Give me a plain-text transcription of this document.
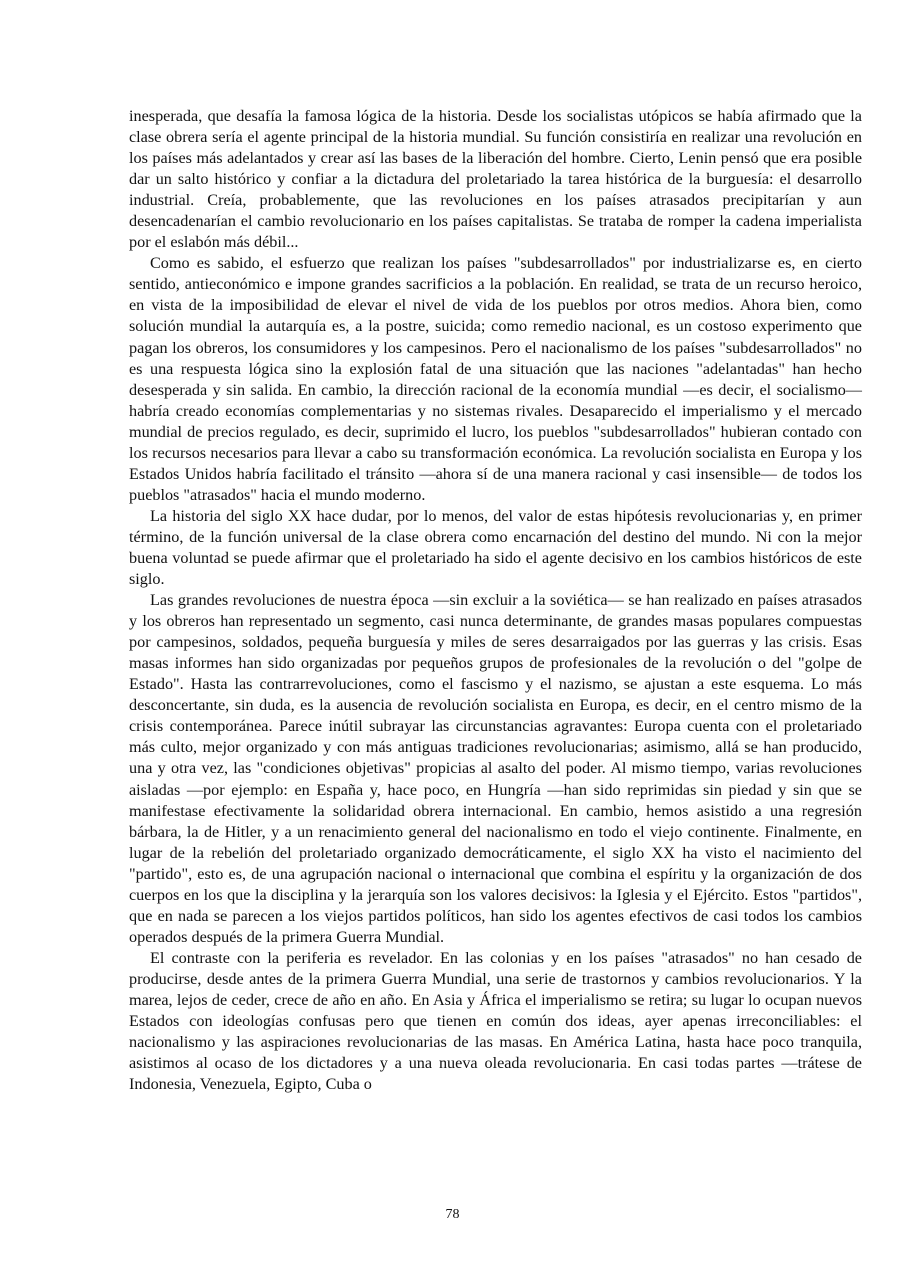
inesperada, que desafía la famosa lógica de la historia. Desde los socialistas utópicos se había afirmado que la clase obrera sería el agente principal de la historia mundial. Su función consistiría en realizar una revolución en los países más adelantados y crear así las bases de la liberación del hombre. Cierto, Lenin pensó que era posible dar un salto histórico y confiar a la dictadura del proletariado la tarea histórica de la burguesía: el desarrollo industrial. Creía, probablemente, que las revoluciones en los países atrasados precipitarían y aun desencadenarían el cambio revolucionario en los países capitalistas. Se trataba de romper la cadena imperialista por el eslabón más débil...

Como es sabido, el esfuerzo que realizan los países "subdesarrollados" por industrializarse es, en cierto sentido, antieconómico e impone grandes sacrificios a la población. En realidad, se trata de un recurso heroico, en vista de la imposibilidad de elevar el nivel de vida de los pueblos por otros medios. Ahora bien, como solución mundial la autarquía es, a la postre, suicida; como remedio nacional, es un costoso experimento que pagan los obreros, los consumidores y los campesinos. Pero el nacionalismo de los países "subdesarrollados" no es una respuesta lógica sino la explosión fatal de una situación que las naciones "adelantadas" han hecho desesperada y sin salida. En cambio, la dirección racional de la economía mundial —es decir, el socialismo— habría creado economías complementarias y no sistemas rivales. Desaparecido el imperialismo y el mercado mundial de precios regulado, es decir, suprimido el lucro, los pueblos "subdesarrollados" hubieran contado con los recursos necesarios para llevar a cabo su transformación económica. La revolución socialista en Europa y los Estados Unidos habría facilitado el tránsito —ahora sí de una manera racional y casi insensible— de todos los pueblos "atrasados" hacia el mundo moderno.

La historia del siglo XX hace dudar, por lo menos, del valor de estas hipótesis revolucionarias y, en primer término, de la función universal de la clase obrera como encarnación del destino del mundo. Ni con la mejor buena voluntad se puede afirmar que el proletariado ha sido el agente decisivo en los cambios históricos de este siglo.

Las grandes revoluciones de nuestra época —sin excluir a la soviética— se han realizado en países atrasados y los obreros han representado un segmento, casi nunca determinante, de grandes masas populares compuestas por campesinos, soldados, pequeña burguesía y miles de seres desarraigados por las guerras y las crisis. Esas masas informes han sido organizadas por pequeños grupos de profesionales de la revolución o del "golpe de Estado". Hasta las contrarrevoluciones, como el fascismo y el nazismo, se ajustan a este esquema. Lo más desconcertante, sin duda, es la ausencia de revolución socialista en Europa, es decir, en el centro mismo de la crisis contemporánea. Parece inútil subrayar las circunstancias agravantes: Europa cuenta con el proletariado más culto, mejor organizado y con más antiguas tradiciones revolucionarias; asimismo, allá se han producido, una y otra vez, las "condiciones objetivas" propicias al asalto del poder. Al mismo tiempo, varias revoluciones aisladas —por ejemplo: en España y, hace poco, en Hungría —han sido reprimidas sin piedad y sin que se manifestase efectivamente la solidaridad obrera internacional. En cambio, hemos asistido a una regresión bárbara, la de Hitler, y a un renacimiento general del nacionalismo en todo el viejo continente. Finalmente, en lugar de la rebelión del proletariado organizado democráticamente, el siglo XX ha visto el nacimiento del "partido", esto es, de una agrupación nacional o internacional que combina el espíritu y la organización de dos cuerpos en los que la disciplina y la jerarquía son los valores decisivos: la Iglesia y el Ejército. Estos "partidos", que en nada se parecen a los viejos partidos políticos, han sido los agentes efectivos de casi todos los cambios operados después de la primera Guerra Mundial.

El contraste con la periferia es revelador. En las colonias y en los países "atrasados" no han cesado de producirse, desde antes de la primera Guerra Mundial, una serie de trastornos y cambios revolucionarios. Y la marea, lejos de ceder, crece de año en año. En Asia y África el imperialismo se retira; su lugar lo ocupan nuevos Estados con ideologías confusas pero que tienen en común dos ideas, ayer apenas irreconciliables: el nacionalismo y las aspiraciones revolucionarias de las masas. En América Latina, hasta hace poco tranquila, asistimos al ocaso de los dictadores y a una nueva oleada revolucionaria. En casi todas partes —trátese de Indonesia, Venezuela, Egipto, Cuba o

78
